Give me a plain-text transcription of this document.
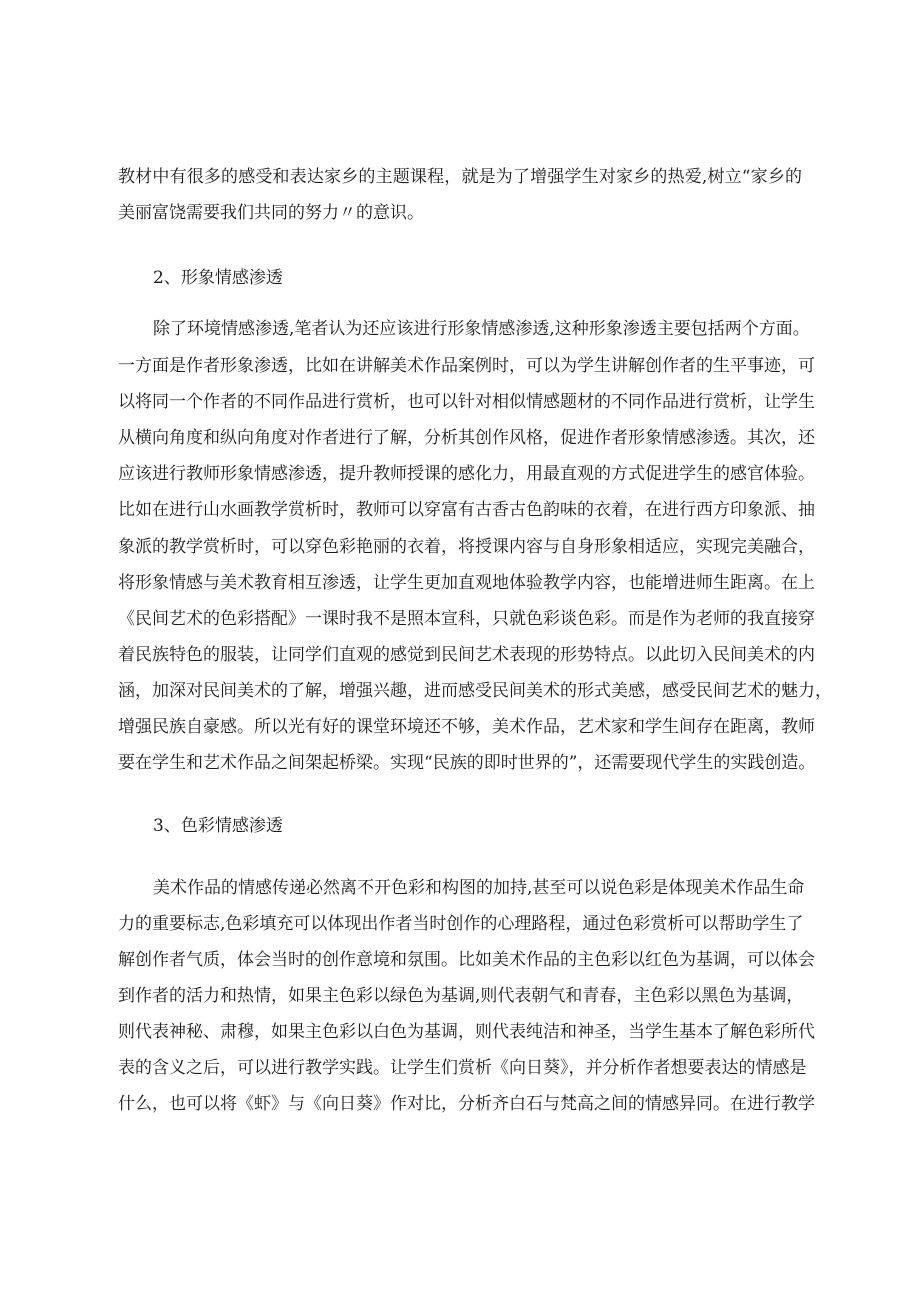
教材中有很多的感受和表达家乡的主题课程，就是为了增强学生对家乡的热爱,树立“家乡的
美丽富饶需要我们共同的努力〃的意识。
2、形象情感渗透
除了环境情感渗透,笔者认为还应该进行形象情感渗透,这种形象渗透主要包括两个方面。
一方面是作者形象渗透，比如在讲解美术作品案例时，可以为学生讲解创作者的生平事迹，可
以将同一个作者的不同作品进行赏析，也可以针对相似情感题材的不同作品进行赏析，让学生
从横向角度和纵向角度对作者进行了解，分析其创作风格，促进作者形象情感渗透。其次，还
应该进行教师形象情感渗透，提升教师授课的感化力，用最直观的方式促进学生的感官体验。
比如在进行山水画教学赏析时，教师可以穿富有古香古色韵味的衣着，在进行西方印象派、抽
象派的教学赏析时，可以穿色彩艳丽的衣着，将授课内容与自身形象相适应，实现完美融合，
将形象情感与美术教育相互渗透，让学生更加直观地体验教学内容，也能增进师生距离。在上
《民间艺术的色彩搭配》一课时我不是照本宣科，只就色彩谈色彩。而是作为老师的我直接穿
着民族特色的服装，让同学们直观的感觉到民间艺术表现的形势特点。以此切入民间美术的内
涵，加深对民间美术的了解，增强兴趣，进而感受民间美术的形式美感，感受民间艺术的魅力，
增强民族自豪感。所以光有好的课堂环境还不够，美术作品，艺术家和学生间存在距离，教师
要在学生和艺术作品之间架起桥梁。实现“民族的即时世界的”，还需要现代学生的实践创造。
3、色彩情感渗透
美术作品的情感传递必然离不开色彩和构图的加持,甚至可以说色彩是体现美术作品生命
力的重要标志,色彩填充可以体现出作者当时创作的心理路程，通过色彩赏析可以帮助学生了
解创作者气质，体会当时的创作意境和氛围。比如美术作品的主色彩以红色为基调，可以体会
到作者的活力和热情，如果主色彩以绿色为基调,则代表朝气和青春，主色彩以黑色为基调，
则代表神秘、肃穆，如果主色彩以白色为基调，则代表纯洁和神圣，当学生基本了解色彩所代
表的含义之后，可以进行教学实践。让学生们赏析《向日葵》，并分析作者想要表达的情感是
什么，也可以将《虾》与《向日葵》作对比，分析齐白石与梵高之间的情感异同。在进行教学
